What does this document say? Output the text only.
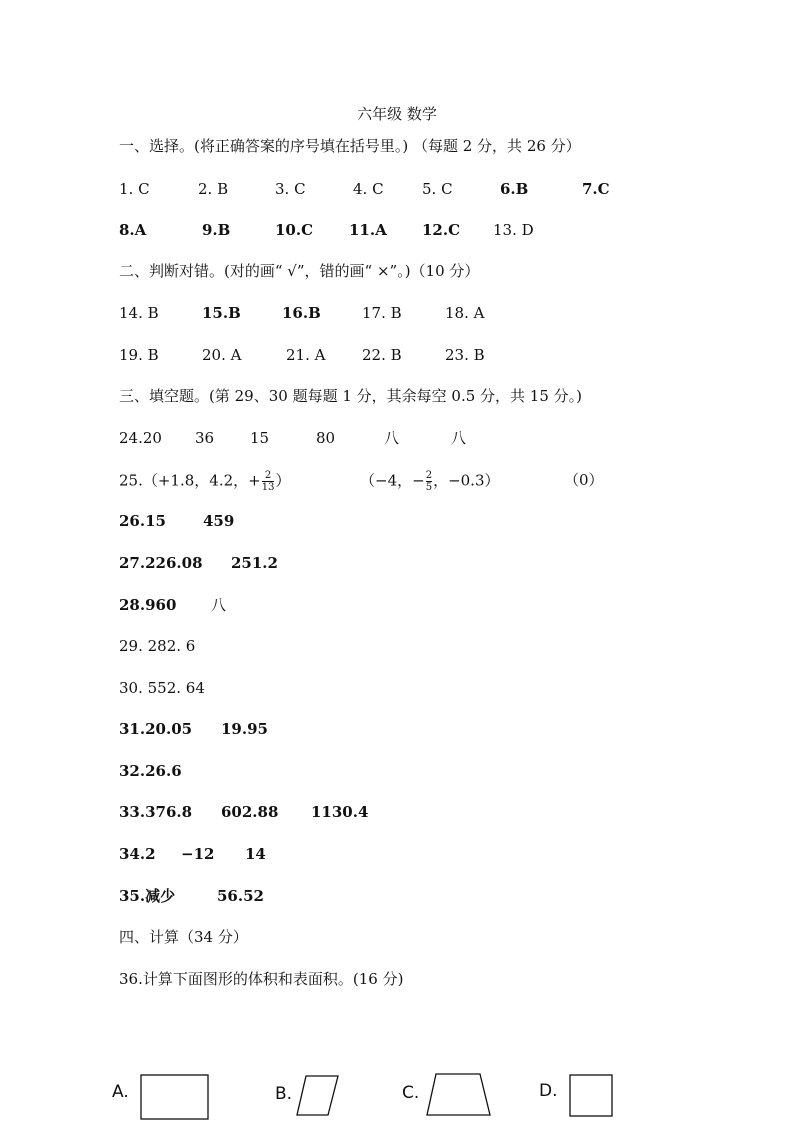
六年级 数学
一、选择。(将正确答案的序号填在括号里。) （每题 2 分，共 26 分）
1. C	2. B	3. C	4. C	5. C	6.B	7.C
8.A	9.B	10.C 11.A 12.C 13. D
二、判断对错。(对的画“ √”，错的画“ ×”。)（10 分）
14. B	15.B	16.B	17. B	18. A
19. B	20. A	21. A 22. B	23. B
三、填空题。(第 29、30 题每题 1 分，其余每空 0.5 分，共 15 分。)
24.20 36 15	80	八	八
25.（+1.8，4.2，+ $\frac{2}{13}$ ）	（−4，− $\frac{2}{5}$ ，−0.3）	（0）
26.15 459
27.226.08 251.2
28.960 八
29. 282. 6
30. 552. 64
31.20.05 19.95
32.26.6
33.376.8 602.88 1130.4
34.2 −12 14
35.减少	56.52
四、计算（34 分）
36.计算下面图形的体积和表面积。(16 分)
A.	B.	C.	D.
